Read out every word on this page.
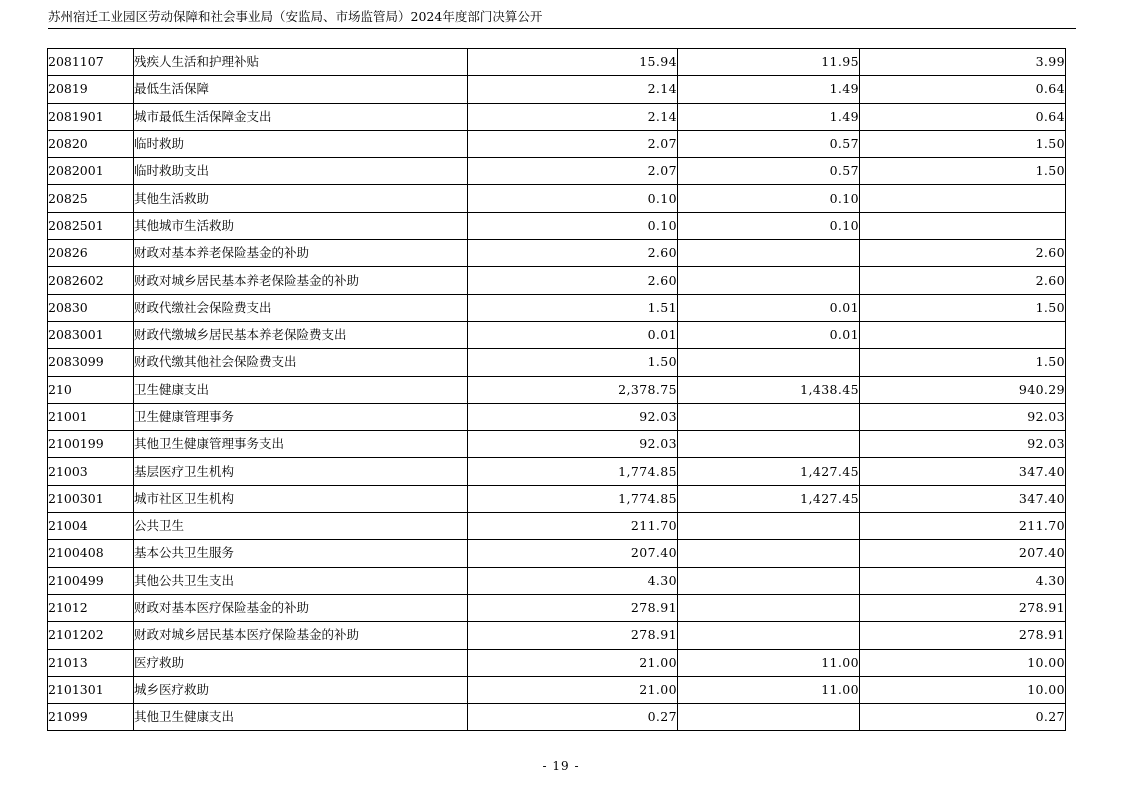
苏州宿迁工业园区劳动保障和社会事业局（安监局、市场监管局）2024年度部门决算公开
2081107	残疾人生活和护理补贴	15.94	11.95	3.99
20819	最低生活保障	2.14	1.49	0.64
2081901	城市最低生活保障金支出	2.14	1.49	0.64
20820	临时救助	2.07	0.57	1.50
2082001	临时救助支出	2.07	0.57	1.50
20825	其他生活救助	0.10	0.10	
2082501	其他城市生活救助	0.10	0.10	
20826	财政对基本养老保险基金的补助	2.60		2.60
2082602	财政对城乡居民基本养老保险基金的补助	2.60		2.60
20830	财政代缴社会保险费支出	1.51	0.01	1.50
2083001	财政代缴城乡居民基本养老保险费支出	0.01	0.01	
2083099	财政代缴其他社会保险费支出	1.50		1.50
210	卫生健康支出	2,378.75	1,438.45	940.29
21001	卫生健康管理事务	92.03		92.03
2100199	其他卫生健康管理事务支出	92.03		92.03
21003	基层医疗卫生机构	1,774.85	1,427.45	347.40
2100301	城市社区卫生机构	1,774.85	1,427.45	347.40
21004	公共卫生	211.70		211.70
2100408	基本公共卫生服务	207.40		207.40
2100499	其他公共卫生支出	4.30		4.30
21012	财政对基本医疗保险基金的补助	278.91		278.91
2101202	财政对城乡居民基本医疗保险基金的补助	278.91		278.91
21013	医疗救助	21.00	11.00	10.00
2101301	城乡医疗救助	21.00	11.00	10.00
21099	其他卫生健康支出	0.27		0.27
- 19 -
